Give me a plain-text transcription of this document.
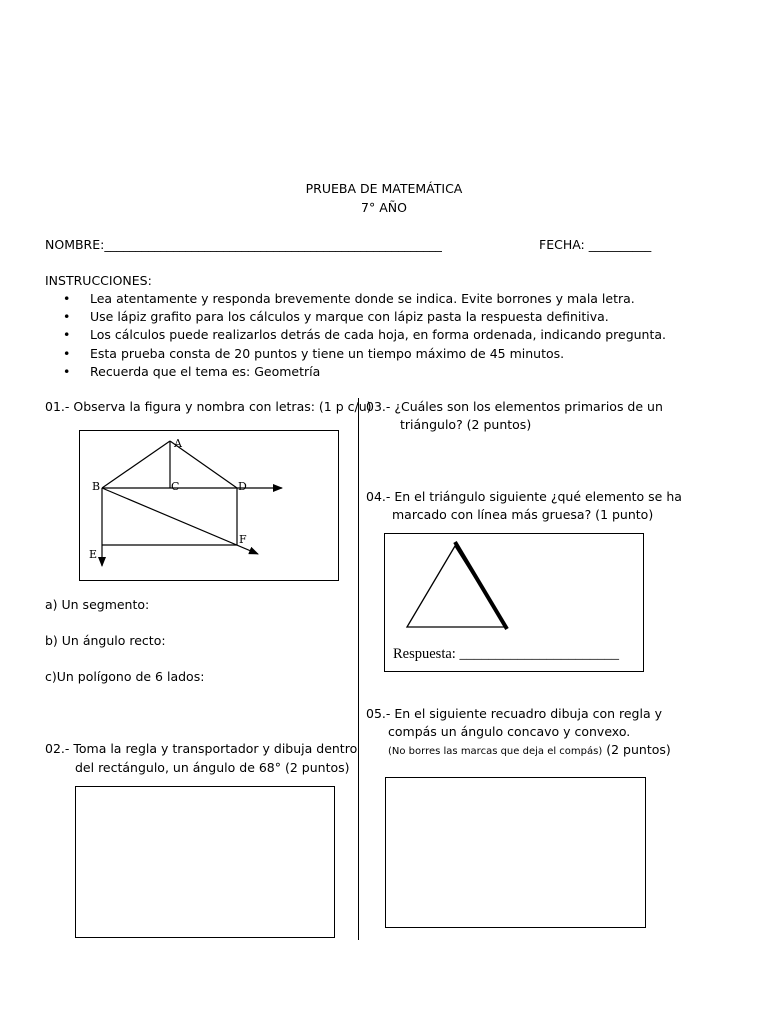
PRUEBA DE MATEMÁTICA
7° AÑO
NOMBRE:______________________________________________________	FECHA: __________
INSTRUCCIONES:
• Lea atentamente y responda brevemente donde se indica. Evite borrones y mala letra.
• Use lápiz grafito para los cálculos y marque con lápiz pasta la respuesta definitiva.
• Los cálculos puede realizarlos detrás de cada hoja, en forma ordenada, indicando pregunta.
• Esta prueba consta de 20 puntos y tiene un tiempo máximo de 45 minutos.
• Recuerda que el tema es: Geometría
01.- Observa la figura y nombra con letras: (1 p c/u)
A
B	C	D
E
F
a) Un segmento:
b) Un ángulo recto:
c)Un polígono de 6 lados:
02.- Toma la regla y transportador y dibuja dentro
del rectángulo, un ángulo de 68° (2 puntos)
03.- ¿Cuáles son los elementos primarios de un
triángulo? (2 puntos)
04.- En el triángulo siguiente ¿qué elemento se ha
marcado con línea más gruesa? (1 punto)
Respuesta: ______________________
05.- En el siguiente recuadro dibuja con regla y
compás un ángulo concavo y convexo.
(No borres las marcas que deja el compás) (2 puntos)
